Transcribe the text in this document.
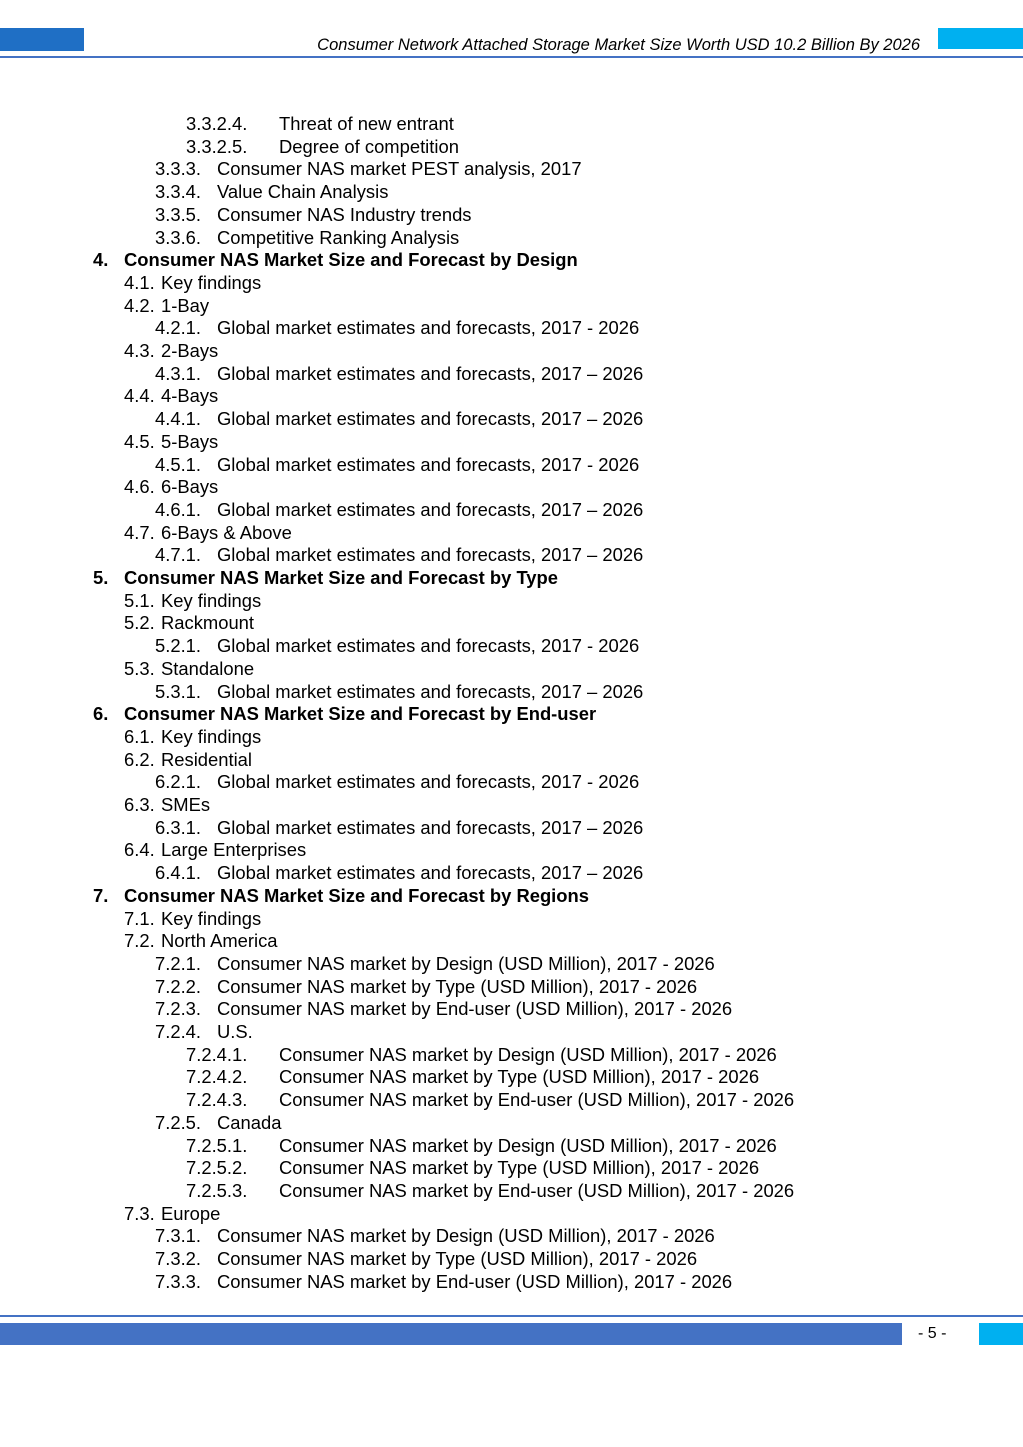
Consumer Network Attached Storage Market Size Worth USD 10.2 Billion By 2026
3.3.2.4. Threat of new entrant
3.3.2.5. Degree of competition
3.3.3. Consumer NAS market PEST analysis, 2017
3.3.4. Value Chain Analysis
3.3.5. Consumer NAS Industry trends
3.3.6. Competitive Ranking Analysis
4. Consumer NAS Market Size and Forecast by Design
4.1. Key findings
4.2. 1-Bay
4.2.1. Global market estimates and forecasts, 2017 - 2026
4.3. 2-Bays
4.3.1. Global market estimates and forecasts, 2017 – 2026
4.4. 4-Bays
4.4.1. Global market estimates and forecasts, 2017 – 2026
4.5. 5-Bays
4.5.1. Global market estimates and forecasts, 2017 - 2026
4.6. 6-Bays
4.6.1. Global market estimates and forecasts, 2017 – 2026
4.7. 6-Bays & Above
4.7.1. Global market estimates and forecasts, 2017 – 2026
5. Consumer NAS Market Size and Forecast by Type
5.1. Key findings
5.2. Rackmount
5.2.1. Global market estimates and forecasts, 2017 - 2026
5.3. Standalone
5.3.1. Global market estimates and forecasts, 2017 – 2026
6. Consumer NAS Market Size and Forecast by End-user
6.1. Key findings
6.2. Residential
6.2.1. Global market estimates and forecasts, 2017 - 2026
6.3. SMEs
6.3.1. Global market estimates and forecasts, 2017 – 2026
6.4. Large Enterprises
6.4.1. Global market estimates and forecasts, 2017 – 2026
7. Consumer NAS Market Size and Forecast by Regions
7.1. Key findings
7.2. North America
7.2.1. Consumer NAS market by Design (USD Million), 2017 - 2026
7.2.2. Consumer NAS market by Type (USD Million), 2017 - 2026
7.2.3. Consumer NAS market by End-user (USD Million), 2017 - 2026
7.2.4. U.S.
7.2.4.1. Consumer NAS market by Design (USD Million), 2017 - 2026
7.2.4.2. Consumer NAS market by Type (USD Million), 2017 - 2026
7.2.4.3. Consumer NAS market by End-user (USD Million), 2017 - 2026
7.2.5. Canada
7.2.5.1. Consumer NAS market by Design (USD Million), 2017 - 2026
7.2.5.2. Consumer NAS market by Type (USD Million), 2017 - 2026
7.2.5.3. Consumer NAS market by End-user (USD Million), 2017 - 2026
7.3. Europe
7.3.1. Consumer NAS market by Design (USD Million), 2017 - 2026
7.3.2. Consumer NAS market by Type (USD Million), 2017 - 2026
7.3.3. Consumer NAS market by End-user (USD Million), 2017 - 2026
- 5 -
